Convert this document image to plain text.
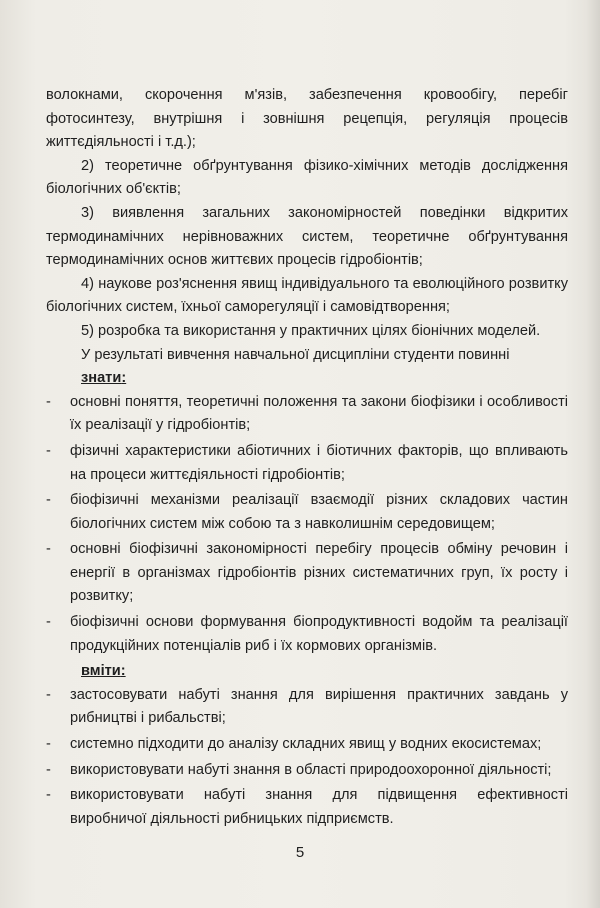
волокнами, скорочення м'язів, забезпечення кровообігу, перебіг фотосинтезу, внутрішня і зовнішня рецепція, регуляція процесів життєдіяльності і т.д.);

2) теоретичне обґрунтування фізико-хімічних методів дослідження біологічних об'єктів;

3) виявлення загальних закономірностей поведінки відкритих термодинамічних нерівноважних систем, теоретичне обґрунтування термодинамічних основ життєвих процесів гідробіонтів;

4) наукове роз'яснення явищ індивідуального та еволюційного розвитку біологічних систем, їхньої саморегуляції і самовідтворення;

5) розробка та використання у практичних цілях біонічних моделей.

У результаті вивчення навчальної дисципліни студенти повинні

знати:

-	основні поняття, теоретичні положення та закони біофізики і особливості їх реалізації у гідробіонтів;
-	фізичні характеристики абіотичних і біотичних факторів, що впливають на процеси життєдіяльності гідробіонтів;
-	біофізичні механізми реалізації взаємодії різних складових частин біологічних систем між собою та з навколишнім середовищем;
-	основні біофізичні закономірності перебігу процесів обміну речовин і енергії в організмах гідробіонтів різних систематичних груп, їх росту і розвитку;
-	біофізичні основи формування біопродуктивності водойм та реалізації продукційних потенціалів риб і їх кормових організмів.

вміти:

-	застосовувати набуті знання для вирішення практичних завдань у рибництві і рибальстві;
-	системно підходити до аналізу складних явищ у водних екосистемах;
-	використовувати набуті знання в області природоохоронної діяльності;
-	використовувати набуті знання для підвищення ефективності виробничої діяльності рибницьких підприємств.
5
